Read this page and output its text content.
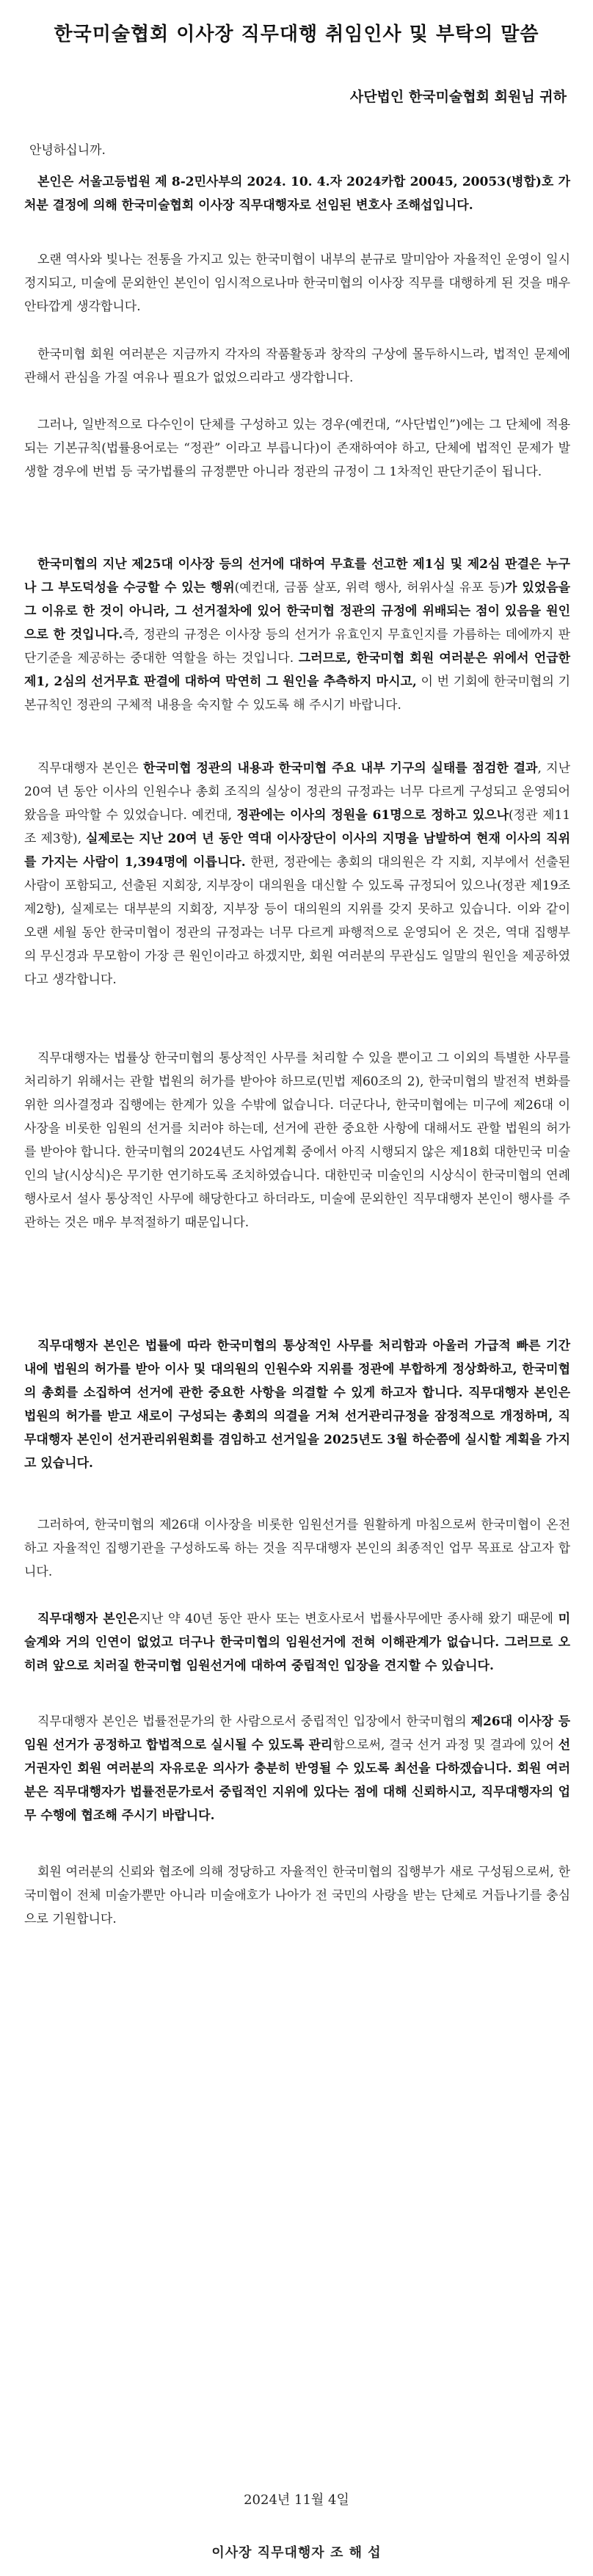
한국미술협회 이사장 직무대행 취임인사 및 부탁의 말씀
사단법인 한국미술협회 회원님 귀하
안녕하십니까.

본인은 서울고등법원 제 8-2민사부의 2024. 10. 4.자 2024카합 20045, 20053(병합)호 가처분 결정에 의해 한국미술협회 이사장 직무대행자로 선임된 변호사 조해섭입니다.

오랜 역사와 빛나는 전통을 가지고 있는 한국미협이 내부의 분규로 말미암아 자율적인 운영이 일시 정지되고, 미술에 문외한인 본인이 임시적으로나마 한국미협의 이사장 직무를 대행하게 된 것을 매우 안타깝게 생각합니다.

한국미협 회원 여러분은 지금까지 각자의 작품활동과 창작의 구상에 몰두하시느라, 법적인 문제에 관해서 관심을 가질 여유나 필요가 없었으리라고 생각합니다.

그러나, 일반적으로 다수인이 단체를 구성하고 있는 경우(예컨대, “사단법인”)에는 그 단체에 적용되는 기본규칙(법률용어로는 “정관” 이라고 부릅니다)이 존재하여야 하고, 단체에 법적인 문제가 발생할 경우에 번법 등 국가법률의 규정뿐만 아니라 정관의 규정이 그 1차적인 판단기준이 됩니다.

한국미협의 지난 제25대 이사장 등의 선거에 대하여 무효를 선고한 제1심 및 제2심 판결은 누구나 그 부도덕성을 수긍할 수 있는 행위(예컨대, 금품 살포, 위력 행사, 허위사실 유포 등)가 있었음을 그 이유로 한 것이 아니라, 그 선거절차에 있어 한국미협 정관의 규정에 위배되는 점이 있음을 원인으로 한 것입니다.즉, 정관의 규정은 이사장 등의 선거가 유효인지 무효인지를 가름하는 데에까지 판단기준을 제공하는 중대한 역할을 하는 것입니다. 그러므로, 한국미협 회원 여러분은 위에서 언급한 제1, 2심의 선거무효 판결에 대하여 막연히 그 원인을 추측하지 마시고, 이 번 기회에 한국미협의 기본규칙인 정관의 구체적 내용을 숙지할 수 있도록 해 주시기 바랍니다.

직무대행자 본인은 한국미협 정관의 내용과 한국미협 주요 내부 기구의 실태를 점검한 결과, 지난 20여 년 동안 이사의 인원수나 총회 조직의 실상이 정관의 규정과는 너무 다르게 구성되고 운영되어왔음을 파악할 수 있었습니다. 예컨대, 정관에는 이사의 정원을 61명으로 정하고 있으나(정관 제11조 제3항), 실제로는 지난 20여 년 동안 역대 이사장단이 이사의 지명을 남발하여 현재 이사의 직위를 가지는 사람이 1,394명에 이릅니다. 한편, 정관에는 총회의 대의원은 각 지회, 지부에서 선출된 사람이 포함되고, 선출된 지회장, 지부장이 대의원을 대신할 수 있도록 규정되어 있으나(정관 제19조 제2항), 실제로는 대부분의 지회장, 지부장 등이 대의원의 지위를 갖지 못하고 있습니다. 이와 같이 오랜 세월 동안 한국미협이 정관의 규정과는 너무 다르게 파행적으로 운영되어 온 것은, 역대 집행부의 무신경과 무모함이 가장 큰 원인이라고 하겠지만, 회원 여러분의 무관심도 일말의 원인을 제공하였다고 생각합니다.

직무대행자는 법률상 한국미협의 통상적인 사무를 처리할 수 있을 뿐이고 그 이외의 특별한 사무를 처리하기 위해서는 관할 법원의 허가를 받아야 하므로(민법 제60조의 2), 한국미협의 발전적 변화를 위한 의사결정과 집행에는 한계가 있을 수밖에 없습니다. 더군다나, 한국미협에는 미구에 제26대 이사장을 비롯한 임원의 선거를 치러야 하는데, 선거에 관한 중요한 사항에 대해서도 관할 법원의 허가를 받아야 합니다. 한국미협의 2024년도 사업계획 중에서 아직 시행되지 않은 제18회 대한민국 미술인의 날(시상식)은 무기한 연기하도록 조치하였습니다. 대한민국 미술인의 시상식이 한국미협의 연례 행사로서 설사 통상적인 사무에 해당한다고 하더라도, 미술에 문외한인 직무대행자 본인이 행사를 주관하는 것은 매우 부적절하기 때문입니다.

직무대행자 본인은 법률에 따라 한국미협의 통상적인 사무를 처리함과 아울러 가급적 빠른 기간 내에 법원의 허가를 받아 이사 및 대의원의 인원수와 지위를 정관에 부합하게 정상화하고, 한국미협의 총회를 소집하여 선거에 관한 중요한 사항을 의결할 수 있게 하고자 합니다. 직무대행자 본인은 법원의 허가를 받고 새로이 구성되는 총회의 의결을 거쳐 선거관리규정을 잠정적으로 개정하며, 직무대행자 본인이 선거관리위원회를 겸임하고 선거일을 2025년도 3월 하순쯤에 실시할 계획을 가지고 있습니다.

그러하여, 한국미협의 제26대 이사장을 비롯한 임원선거를 원활하게 마침으로써 한국미협이 온전하고 자율적인 집행기관을 구성하도록 하는 것을 직무대행자 본인의 최종적인 업무 목표로 삼고자 합니다.

직무대행자 본인은지난 약 40년 동안 판사 또는 변호사로서 법률사무에만 종사해 왔기 때문에 미술계와 거의 인연이 없었고 더구나 한국미협의 임원선거에 전혀 이해관계가 없습니다. 그러므로 오히려 앞으로 치러질 한국미협 임원선거에 대하여 중립적인 입장을 견지할 수 있습니다.

직무대행자 본인은 법률전문가의 한 사람으로서 중립적인 입장에서 한국미협의 제26대 이사장 등 임원 선거가 공정하고 합법적으로 실시될 수 있도록 관리함으로써, 결국 선거 과정 및 결과에 있어 선거권자인 회원 여러분의 자유로운 의사가 충분히 반영될 수 있도록 최선을 다하겠습니다. 회원 여러분은 직무대행자가 법률전문가로서 중립적인 지위에 있다는 점에 대해 신뢰하시고, 직무대행자의 업무 수행에 협조해 주시기 바랍니다.

회원 여러분의 신뢰와 협조에 의해 정당하고 자율적인 한국미협의 집행부가 새로 구성됨으로써, 한국미협이 전체 미술가뿐만 아니라 미술애호가 나아가 전 국민의 사랑을 받는 단체로 거듭나기를 충심으로 기원합니다.

2024년 11월 4일
이사장 직무대행자 조 해 섭
